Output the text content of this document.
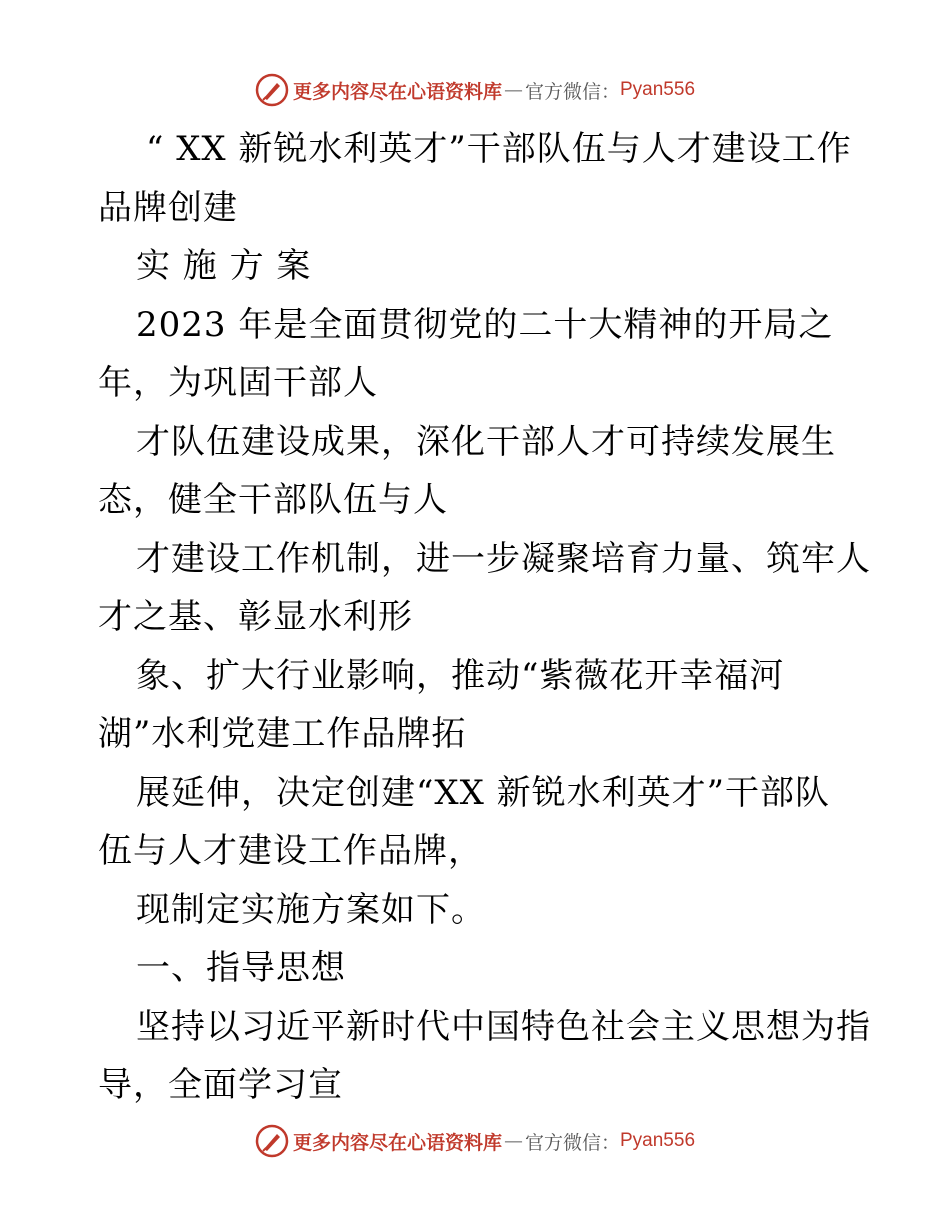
更多内容尽在心语资料库 — 官方微信： Pyan556
“ XX 新锐水利英才”干部队伍与人才建设工作
品牌创建
实 施 方 案
2023 年是全面贯彻党的二十大精神的开局之
年，为巩固干部人
才队伍建设成果，深化干部人才可持续发展生
态，健全干部队伍与人
才建设工作机制，进一步凝聚培育力量、筑牢人
才之基、彰显水利形
象、扩大行业影响，推动“紫薇花开幸福河
湖”水利党建工作品牌拓
展延伸，决定创建“XX 新锐水利英才”干部队
伍与人才建设工作品牌，
现制定实施方案如下。
一、指导思想
坚持以习近平新时代中国特色社会主义思想为指
导，全面学习宣
更多内容尽在心语资料库 — 官方微信： Pyan556
